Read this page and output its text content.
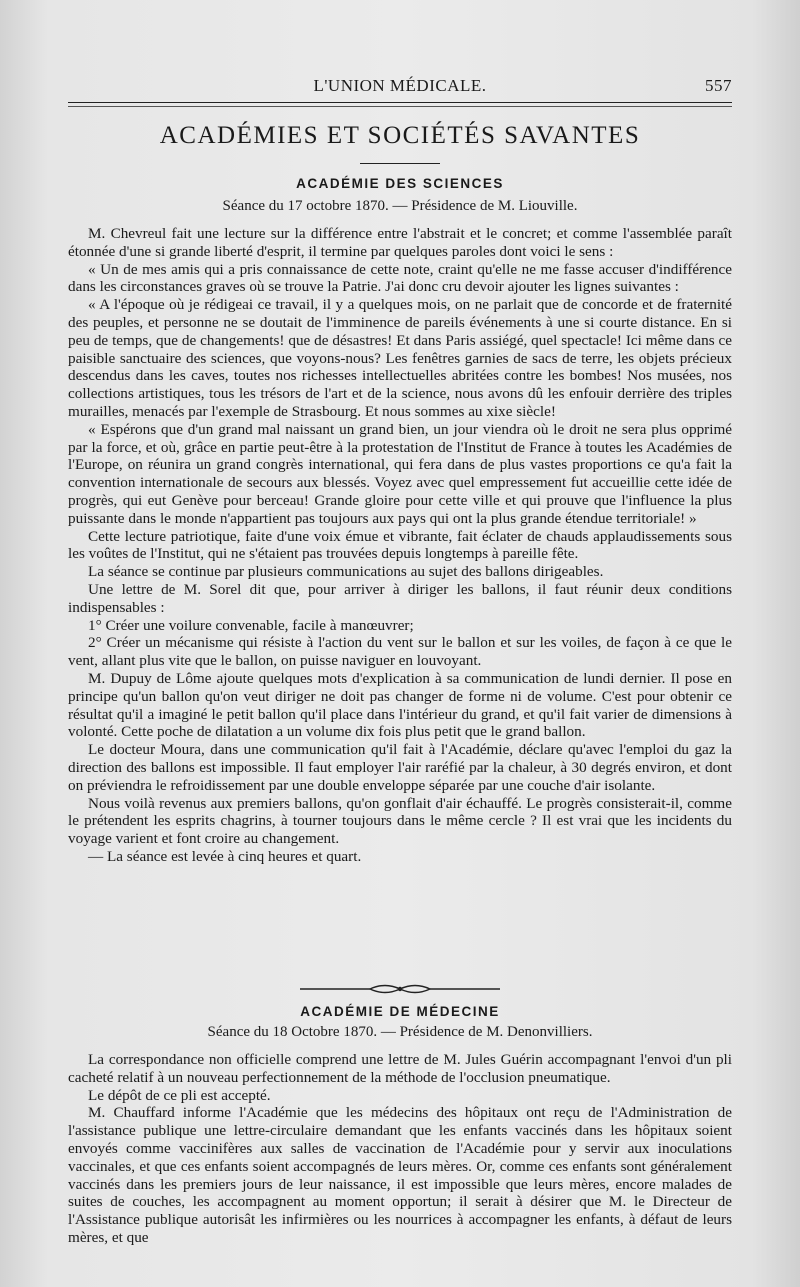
L'UNION MÉDICALE.	557
ACADÉMIES ET SOCIÉTÉS SAVANTES
ACADÉMIE DES SCIENCES
Séance du 17 octobre 1870. — Présidence de M. Liouville.

M. Chevreul fait une lecture sur la différence entre l'abstrait et le concret; et comme l'assemblée paraît étonnée d'une si grande liberté d'esprit, il termine par quelques paroles dont voici le sens :

« Un de mes amis qui a pris connaissance de cette note, craint qu'elle ne me fasse accuser d'indifférence dans les circonstances graves où se trouve la Patrie. J'ai donc cru devoir ajouter les lignes suivantes :

« A l'époque où je rédigeai ce travail, il y a quelques mois, on ne parlait que de concorde et de fraternité des peuples, et personne ne se doutait de l'imminence de pareils événements à une si courte distance. En si peu de temps, que de changements! que de désastres! Et dans Paris assiégé, quel spectacle! Ici même dans ce paisible sanctuaire des sciences, que voyons-nous? Les fenêtres garnies de sacs de terre, les objets précieux descendus dans les caves, toutes nos richesses intellectuelles abritées contre les bombes! Nos musées, nos collections artistiques, tous les trésors de l'art et de la science, nous avons dû les enfouir derrière des triples murailles, menacés par l'exemple de Strasbourg. Et nous sommes au xixe siècle!

« Espérons que d'un grand mal naissant un grand bien, un jour viendra où le droit ne sera plus opprimé par la force, et où, grâce en partie peut-être à la protestation de l'Institut de France à toutes les Académies de l'Europe, on réunira un grand congrès international, qui fera dans de plus vastes proportions ce qu'a fait la convention internationale de secours aux blessés. Voyez avec quel empressement fut accueillie cette idée de progrès, qui eut Genève pour berceau! Grande gloire pour cette ville et qui prouve que l'influence la plus puissante dans le monde n'appartient pas toujours aux pays qui ont la plus grande étendue territoriale! »

Cette lecture patriotique, faite d'une voix émue et vibrante, fait éclater de chauds applaudissements sous les voûtes de l'Institut, qui ne s'étaient pas trouvées depuis longtemps à pareille fête.

La séance se continue par plusieurs communications au sujet des ballons dirigeables.

Une lettre de M. Sorel dit que, pour arriver à diriger les ballons, il faut réunir deux conditions indispensables :

1° Créer une voilure convenable, facile à manœuvrer;

2° Créer un mécanisme qui résiste à l'action du vent sur le ballon et sur les voiles, de façon à ce que le vent, allant plus vite que le ballon, on puisse naviguer en louvoyant.

M. Dupuy de Lôme ajoute quelques mots d'explication à sa communication de lundi dernier. Il pose en principe qu'un ballon qu'on veut diriger ne doit pas changer de forme ni de volume. C'est pour obtenir ce résultat qu'il a imaginé le petit ballon qu'il place dans l'intérieur du grand, et qu'il fait varier de dimensions à volonté. Cette poche de dilatation a un volume dix fois plus petit que le grand ballon.

Le docteur Moura, dans une communication qu'il fait à l'Académie, déclare qu'avec l'emploi du gaz la direction des ballons est impossible. Il faut employer l'air raréfié par la chaleur, à 30 degrés environ, et dont on préviendra le refroidissement par une double enveloppe séparée par une couche d'air isolante.

Nous voilà revenus aux premiers ballons, qu'on gonflait d'air échauffé. Le progrès consisterait-il, comme le prétendent les esprits chagrins, à tourner toujours dans le même cercle ? Il est vrai que les incidents du voyage varient et font croire au changement.

— La séance est levée à cinq heures et quart.

ACADÉMIE DE MÉDECINE
Séance du 18 Octobre 1870. — Présidence de M. Denonvilliers.

La correspondance non officielle comprend une lettre de M. Jules Guérin accompagnant l'envoi d'un pli cacheté relatif à un nouveau perfectionnement de la méthode de l'occlusion pneumatique.

Le dépôt de ce pli est accepté.

M. Chauffard informe l'Académie que les médecins des hôpitaux ont reçu de l'Administration de l'assistance publique une lettre-circulaire demandant que les enfants vaccinés dans les hôpitaux soient envoyés comme vaccinifères aux salles de vaccination de l'Académie pour y servir aux inoculations vaccinales, et que ces enfants soient accompagnés de leurs mères. Or, comme ces enfants sont généralement vaccinés dans les premiers jours de leur naissance, il est impossible que leurs mères, encore malades de suites de couches, les accompagnent au moment opportun; il serait à désirer que M. le Directeur de l'Assistance publique autorisât les infirmières ou les nourrices à accompagner les enfants, à défaut de leurs mères, et que
